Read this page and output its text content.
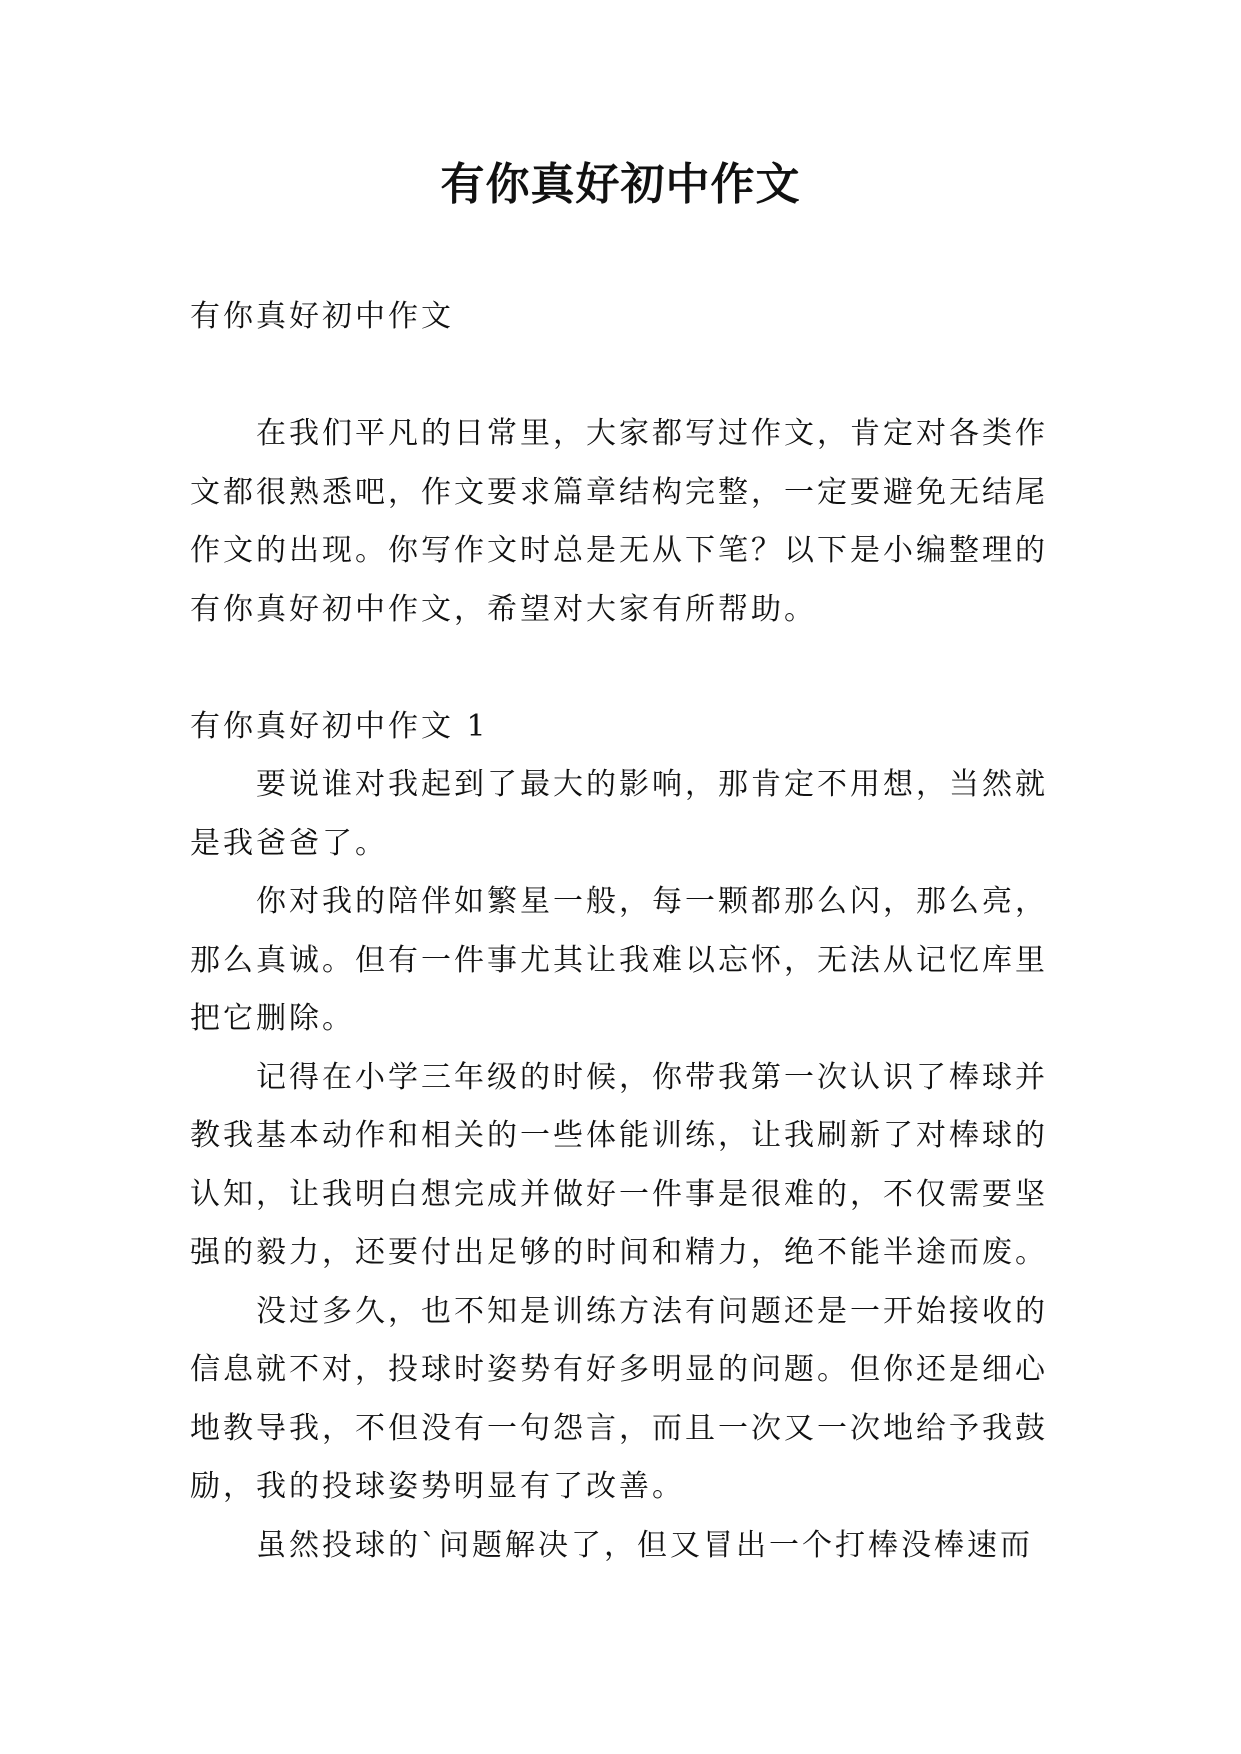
有你真好初中作文

有你真好初中作文

在我们平凡的日常里，大家都写过作文，肯定对各类作文都很熟悉吧，作文要求篇章结构完整，一定要避免无结尾作文的出现。你写作文时总是无从下笔？以下是小编整理的有你真好初中作文，希望对大家有所帮助。

有你真好初中作文 1

要说谁对我起到了最大的影响，那肯定不用想，当然就是我爸爸了。

你对我的陪伴如繁星一般，每一颗都那么闪，那么亮，那么真诚。但有一件事尤其让我难以忘怀，无法从记忆库里把它删除。

记得在小学三年级的时候，你带我第一次认识了棒球并教我基本动作和相关的一些体能训练，让我刷新了对棒球的认知，让我明白想完成并做好一件事是很难的，不仅需要坚强的毅力，还要付出足够的时间和精力，绝不能半途而废。

没过多久，也不知是训练方法有问题还是一开始接收的信息就不对，投球时姿势有好多明显的问题。但你还是细心地教导我，不但没有一句怨言，而且一次又一次地给予我鼓励，我的投球姿势明显有了改善。

虽然投球的`问题解决了，但又冒出一个打棒没棒速而
